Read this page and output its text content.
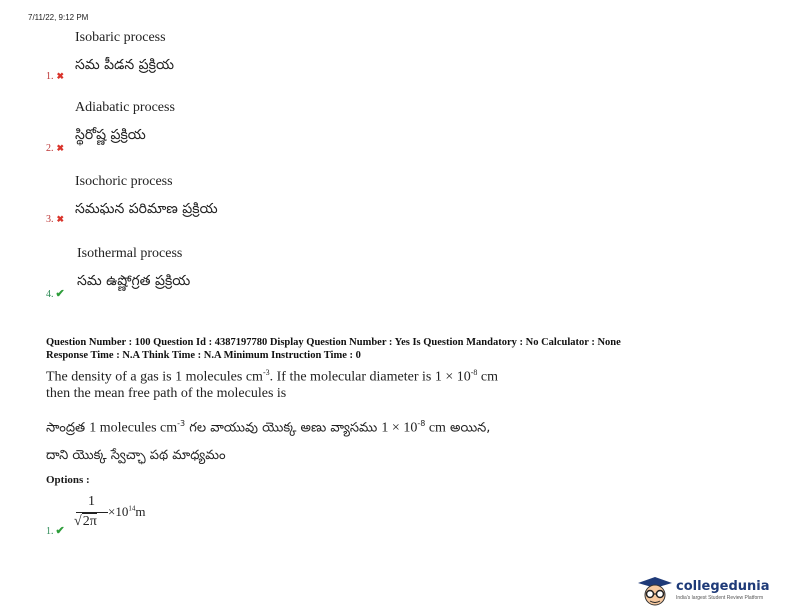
7/11/22, 9:12 PM
Isobaric process
సమ పీడన ప్రక్రియ
1. ✖
Adiabatic process
స్థిరోష్ణ ప్రక్రియ
2. ✖
Isochoric process
సమఘన పరిమాణ ప్రక్రియ
3. ✖
Isothermal process
సమ ఉష్ణోగ్రత ప్రక్రియ
4. ✔
Question Number : 100 Question Id : 4387197780 Display Question Number : Yes Is Question Mandatory : No Calculator : None
Response Time : N.A Think Time : N.A Minimum Instruction Time : 0
The density of a gas is 1 molecules $cm^{-3}$. If the molecular diameter is $1 \times 10^{-8}$ cm
then the mean free path of the molecules is
సాంద్రత 1 molecules $cm^{-3}$ గల వాయువు యొక్క అణు వ్యాసము $1 \times 10^{-8}$ cm అయిన,
దాని యొక్క స్వేచ్ఛా పథ మాధ్యమం
Options :
1
√2π
$\times 10^{14}m$
1. ✔
collegedunia
India's largest Student Review Platform
